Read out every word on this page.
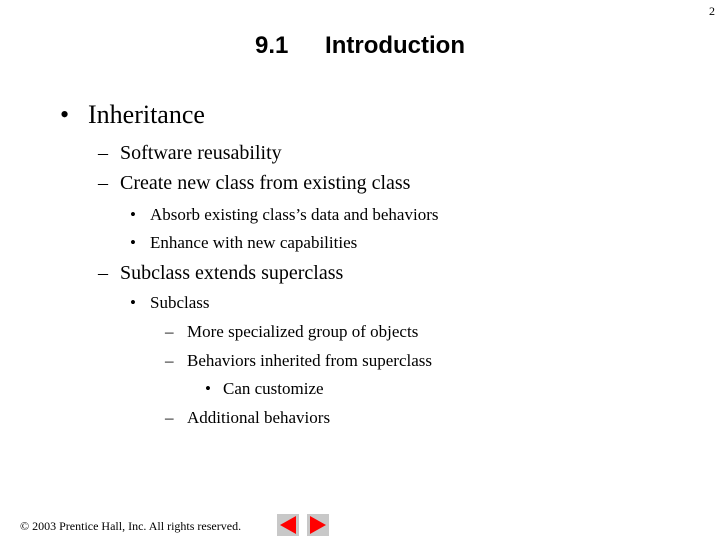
2
9.1 Introduction
• Inheritance
– Software reusability
– Create new class from existing class
• Absorb existing class’s data and behaviors
• Enhance with new capabilities
– Subclass extends superclass
• Subclass
– More specialized group of objects
– Behaviors inherited from superclass
• Can customize
– Additional behaviors
© 2003 Prentice Hall, Inc. All rights reserved.
